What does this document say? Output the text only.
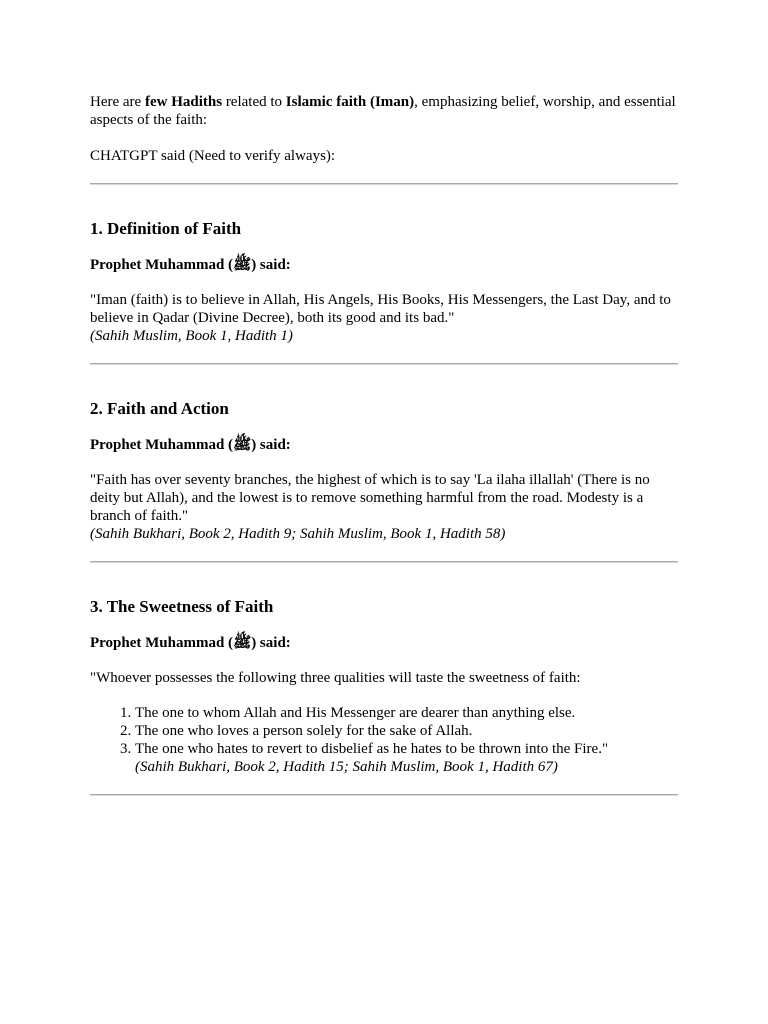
Here are few Hadiths related to Islamic faith (Iman), emphasizing belief, worship, and essential aspects of the faith:

CHATGPT said (Need to verify always):

1. Definition of Faith

Prophet Muhammad (ﷺ) said:

"Iman (faith) is to believe in Allah, His Angels, His Books, His Messengers, the Last Day, and to believe in Qadar (Divine Decree), both its good and its bad."
(Sahih Muslim, Book 1, Hadith 1)

2. Faith and Action

Prophet Muhammad (ﷺ) said:

"Faith has over seventy branches, the highest of which is to say 'La ilaha illallah' (There is no deity but Allah), and the lowest is to remove something harmful from the road. Modesty is a branch of faith."
(Sahih Bukhari, Book 2, Hadith 9; Sahih Muslim, Book 1, Hadith 58)

3. The Sweetness of Faith

Prophet Muhammad (ﷺ) said:

"Whoever possesses the following three qualities will taste the sweetness of faith:

1. The one to whom Allah and His Messenger are dearer than anything else.
2. The one who loves a person solely for the sake of Allah.
3. The one who hates to revert to disbelief as he hates to be thrown into the Fire."
(Sahih Bukhari, Book 2, Hadith 15; Sahih Muslim, Book 1, Hadith 67)
